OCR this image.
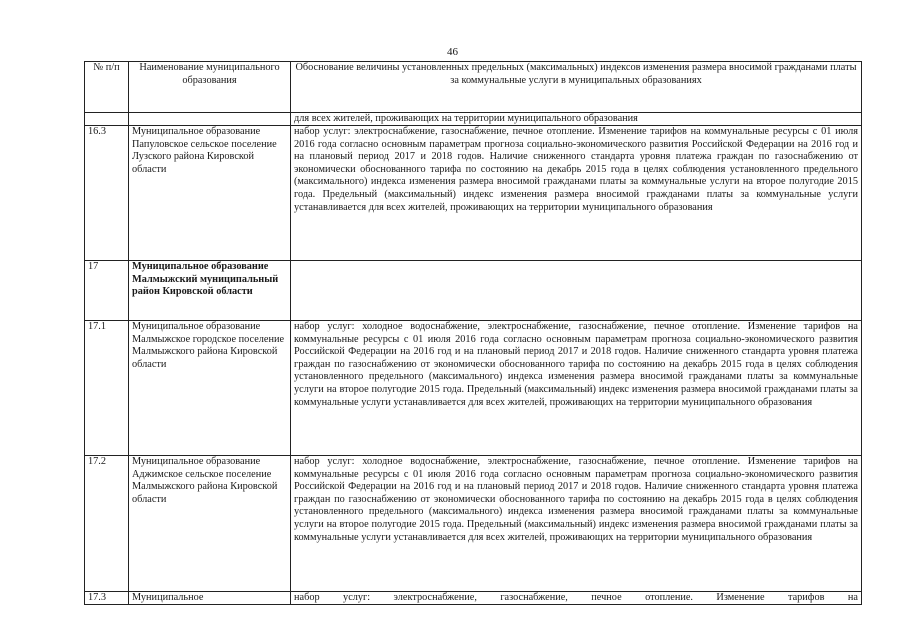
46
№ п/п	Наименование муниципального образования	Обоснование величины установленных предельных (максимальных) индексов изменения размера вносимой гражданами платы за коммунальные услуги в муниципальных образованиях
		для всех жителей, проживающих на территории муниципального образования
16.3	Муниципальное образование Папуловское сельское поселение Лузского района Кировской области	набор услуг: электроснабжение, газоснабжение, печное отопление. Изменение тарифов на коммунальные ресурсы с 01 июля 2016 года согласно основным параметрам прогноза социально-экономического развития Российской Федерации на 2016 год и на плановый период 2017 и 2018 годов. Наличие сниженного стандарта уровня платежа граждан по газоснабжению от экономически обоснованного тарифа по состоянию на декабрь 2015 года в целях соблюдения установленного предельного (максимального) индекса изменения размера вносимой гражданами платы за коммунальные услуги на второе полугодие 2015 года. Предельный (максимальный) индекс изменения размера вносимой гражданами платы за коммунальные услуги устанавливается для всех жителей, проживающих на территории муниципального образования
17	Муниципальное образование Малмыжский муниципальный район Кировской области	
17.1	Муниципальное образование Малмыжское городское поселение Малмыжского района Кировской области	набор услуг: холодное водоснабжение, электроснабжение, газоснабжение, печное отопление. Изменение тарифов на коммунальные ресурсы с 01 июля 2016 года согласно основным параметрам прогноза социально-экономического развития Российской Федерации на 2016 год и на плановый период 2017 и 2018 годов. Наличие сниженного стандарта уровня платежа граждан по газоснабжению от экономически обоснованного тарифа по состоянию на декабрь 2015 года в целях соблюдения установленного предельного (максимального) индекса изменения размера вносимой гражданами платы за коммунальные услуги на второе полугодие 2015 года. Предельный (максимальный) индекс изменения размера вносимой гражданами платы за коммунальные услуги устанавливается для всех жителей, проживающих на территории муниципального образования
17.2	Муниципальное образование Аджимское сельское поселение Малмыжского района Кировской области	набор услуг: холодное водоснабжение, электроснабжение, газоснабжение, печное отопление. Изменение тарифов на коммунальные ресурсы с 01 июля 2016 года согласно основным параметрам прогноза социально-экономического развития Российской Федерации на 2016 год и на плановый период 2017 и 2018 годов. Наличие сниженного стандарта уровня платежа граждан по газоснабжению от экономически обоснованного тарифа по состоянию на декабрь 2015 года в целях соблюдения установленного предельного (максимального) индекса изменения размера вносимой гражданами платы за коммунальные услуги на второе полугодие 2015 года. Предельный (максимальный) индекс изменения размера вносимой гражданами платы за коммунальные услуги устанавливается для всех жителей, проживающих на территории муниципального образования
17.3	Муниципальное	набор услуг: электроснабжение, газоснабжение, печное отопление. Изменение тарифов на
